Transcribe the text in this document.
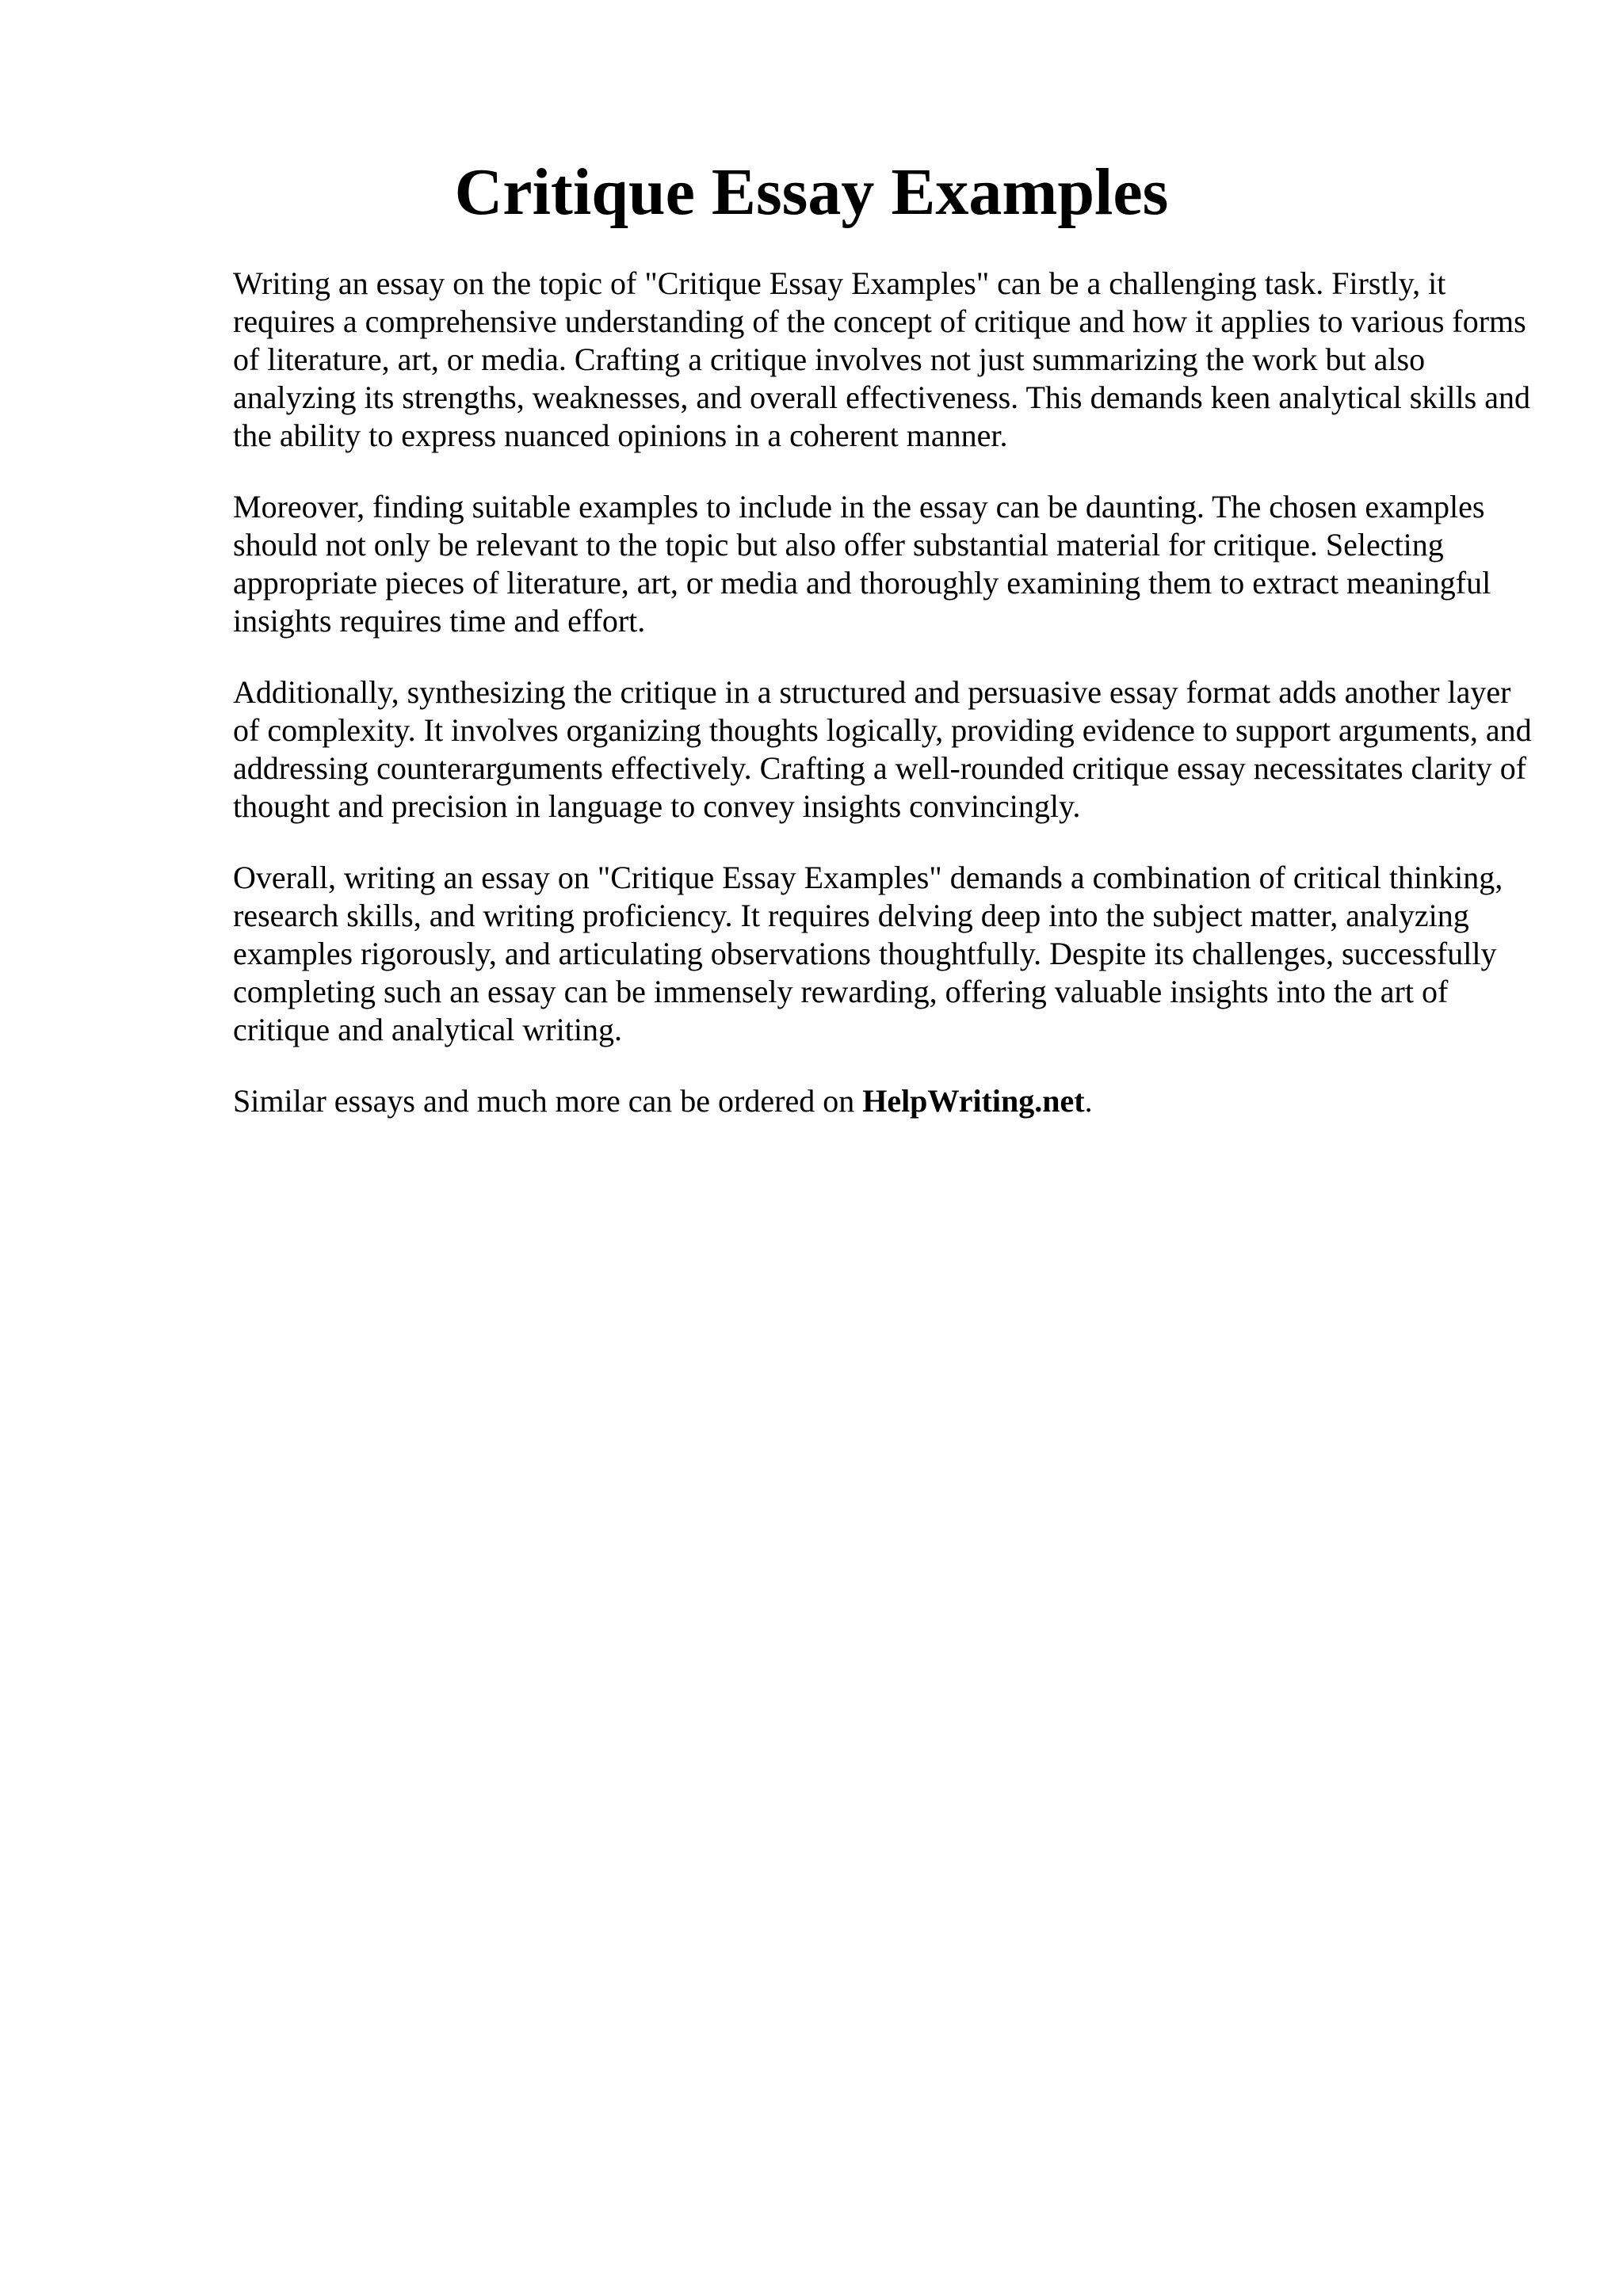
Critique Essay Examples

Writing an essay on the topic of "Critique Essay Examples" can be a challenging task. Firstly, it requires a comprehensive understanding of the concept of critique and how it applies to various forms of literature, art, or media. Crafting a critique involves not just summarizing the work but also analyzing its strengths, weaknesses, and overall effectiveness. This demands keen analytical skills and the ability to express nuanced opinions in a coherent manner.

Moreover, finding suitable examples to include in the essay can be daunting. The chosen examples should not only be relevant to the topic but also offer substantial material for critique. Selecting appropriate pieces of literature, art, or media and thoroughly examining them to extract meaningful insights requires time and effort.

Additionally, synthesizing the critique in a structured and persuasive essay format adds another layer of complexity. It involves organizing thoughts logically, providing evidence to support arguments, and addressing counterarguments effectively. Crafting a well-rounded critique essay necessitates clarity of thought and precision in language to convey insights convincingly.

Overall, writing an essay on "Critique Essay Examples" demands a combination of critical thinking, research skills, and writing proficiency. It requires delving deep into the subject matter, analyzing examples rigorously, and articulating observations thoughtfully. Despite its challenges, successfully completing such an essay can be immensely rewarding, offering valuable insights into the art of critique and analytical writing.

Similar essays and much more can be ordered on HelpWriting.net.
